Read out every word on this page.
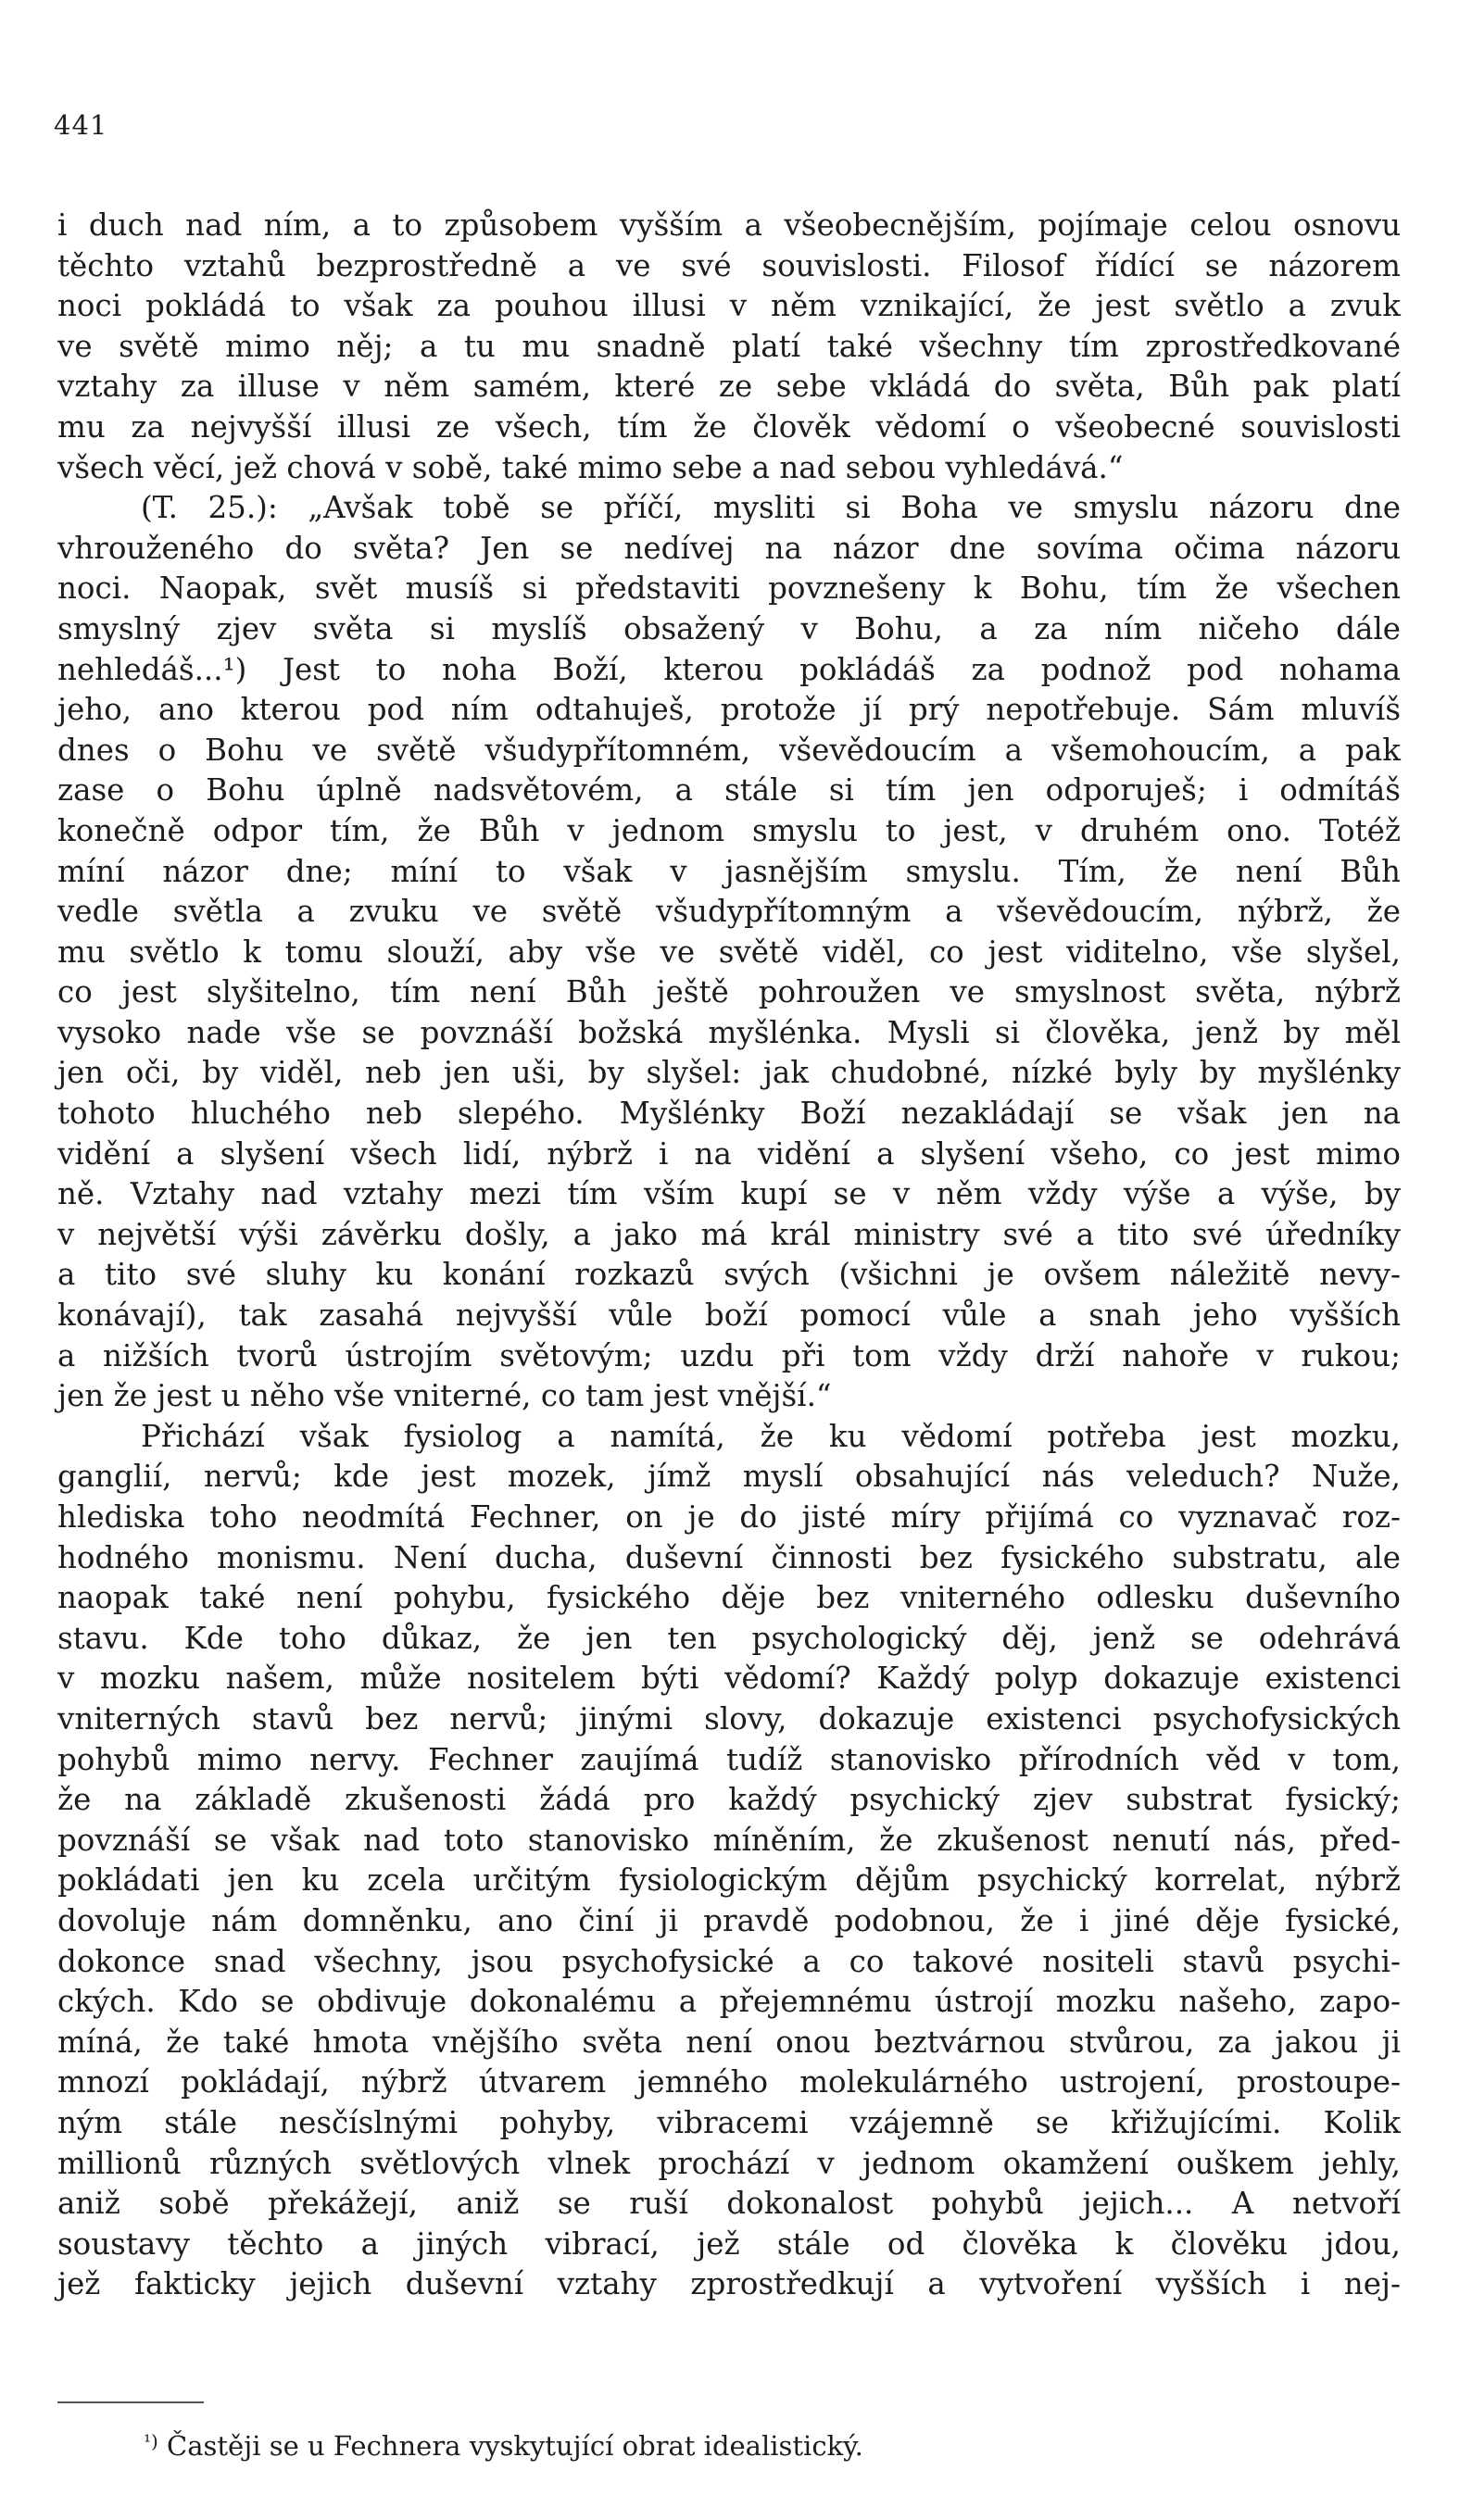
441
i duch nad ním, a to způsobem vyšším a všeobecnějším, pojímaje celou osnovu
těchto vztahů bezprostředně a ve své souvislosti. Filosof řídící se názorem
noci pokládá to však za pouhou illusi v něm vznikající, že jest světlo a zvuk
ve světě mimo něj; a tu mu snadně platí také všechny tím zprostředkované
vztahy za illuse v něm samém, které ze sebe vkládá do světa, Bůh pak platí
mu za nejvyšší illusi ze všech, tím že člověk vědomí o všeobecné souvislosti
všech věcí, jež chová v sobě, také mimo sebe a nad sebou vyhledává.“
(T. 25.): „Avšak tobě se příčí, mysliti si Boha ve smyslu názoru dne
vhrouženého do světa? Jen se nedívej na názor dne sovíma očima názoru
noci. Naopak, svět musíš si představiti povznešeny k Bohu, tím že všechen
smyslný zjev světa si myslíš obsažený v Bohu, a za ním ničeho dále
nehledáš...¹) Jest to noha Boží, kterou pokládáš za podnož pod nohama
jeho, ano kterou pod ním odtahuješ, protože jí prý nepotřebuje. Sám mluvíš
dnes o Bohu ve světě všudypřítomném, vševědoucím a všemohoucím, a pak
zase o Bohu úplně nadsvětovém, a stále si tím jen odporuješ; i odmítáš
konečně odpor tím, že Bůh v jednom smyslu to jest, v druhém ono. Totéž
míní názor dne; míní to však v jasnějším smyslu. Tím, že není Bůh
vedle světla a zvuku ve světě všudypřítomným a vševědoucím, nýbrž, že
mu světlo k tomu slouží, aby vše ve světě viděl, co jest viditelno, vše slyšel,
co jest slyšitelno, tím není Bůh ještě pohroužen ve smyslnost světa, nýbrž
vysoko nade vše se povznáší božská myšlénka. Mysli si člověka, jenž by měl
jen oči, by viděl, neb jen uši, by slyšel: jak chudobné, nízké byly by myšlénky
tohoto hluchého neb slepého. Myšlénky Boží nezakládají se však jen na
vidění a slyšení všech lidí, nýbrž i na vidění a slyšení všeho, co jest mimo
ně. Vztahy nad vztahy mezi tím vším kupí se v něm vždy výše a výše, by
v největší výši závěrku došly, a jako má král ministry své a tito své úředníky
a tito své sluhy ku konání rozkazů svých (všichni je ovšem náležitě nevy-
konávají), tak zasahá nejvyšší vůle boží pomocí vůle a snah jeho vyšších
a nižších tvorů ústrojím světovým; uzdu při tom vždy drží nahoře v rukou;
jen že jest u něho vše vniterné, co tam jest vnější.“
Přichází však fysiolog a namítá, že ku vědomí potřeba jest mozku,
ganglií, nervů; kde jest mozek, jímž myslí obsahující nás veleduch? Nuže,
hlediska toho neodmítá Fechner, on je do jisté míry přijímá co vyznavač roz-
hodného monismu. Není ducha, duševní činnosti bez fysického substratu, ale
naopak také není pohybu, fysického děje bez vniterného odlesku duševního
stavu. Kde toho důkaz, že jen ten psychologický děj, jenž se odehrává
v mozku našem, může nositelem býti vědomí? Každý polyp dokazuje existenci
vniterných stavů bez nervů; jinými slovy, dokazuje existenci psychofysických
pohybů mimo nervy. Fechner zaujímá tudíž stanovisko přírodních věd v tom,
že na základě zkušenosti žádá pro každý psychický zjev substrat fysický;
povznáší se však nad toto stanovisko míněním, že zkušenost nenutí nás, před-
pokládati jen ku zcela určitým fysiologickým dějům psychický korrelat, nýbrž
dovoluje nám domněnku, ano činí ji pravdě podobnou, že i jiné děje fysické,
dokonce snad všechny, jsou psychofysické a co takové nositeli stavů psychi-
ckých. Kdo se obdivuje dokonalému a přejemnému ústrojí mozku našeho, zapo-
míná, že také hmota vnějšího světa není onou beztvárnou stvůrou, za jakou ji
mnozí pokládají, nýbrž útvarem jemného molekulárného ustrojení, prostoupe-
ným stále nesčíslnými pohyby, vibracemi vzájemně se křižujícími. Kolik
millionů různých světlových vlnek prochází v jednom okamžení ouškem jehly,
aniž sobě překážejí, aniž se ruší dokonalost pohybů jejich... A netvoří
soustavy těchto a jiných vibrací, jež stále od člověka k člověku jdou,
jež fakticky jejich duševní vztahy zprostředkují a vytvoření vyšších i nej-

$^{^1)}$ Častěji se u Fechnera vyskytující obrat idealistický.
